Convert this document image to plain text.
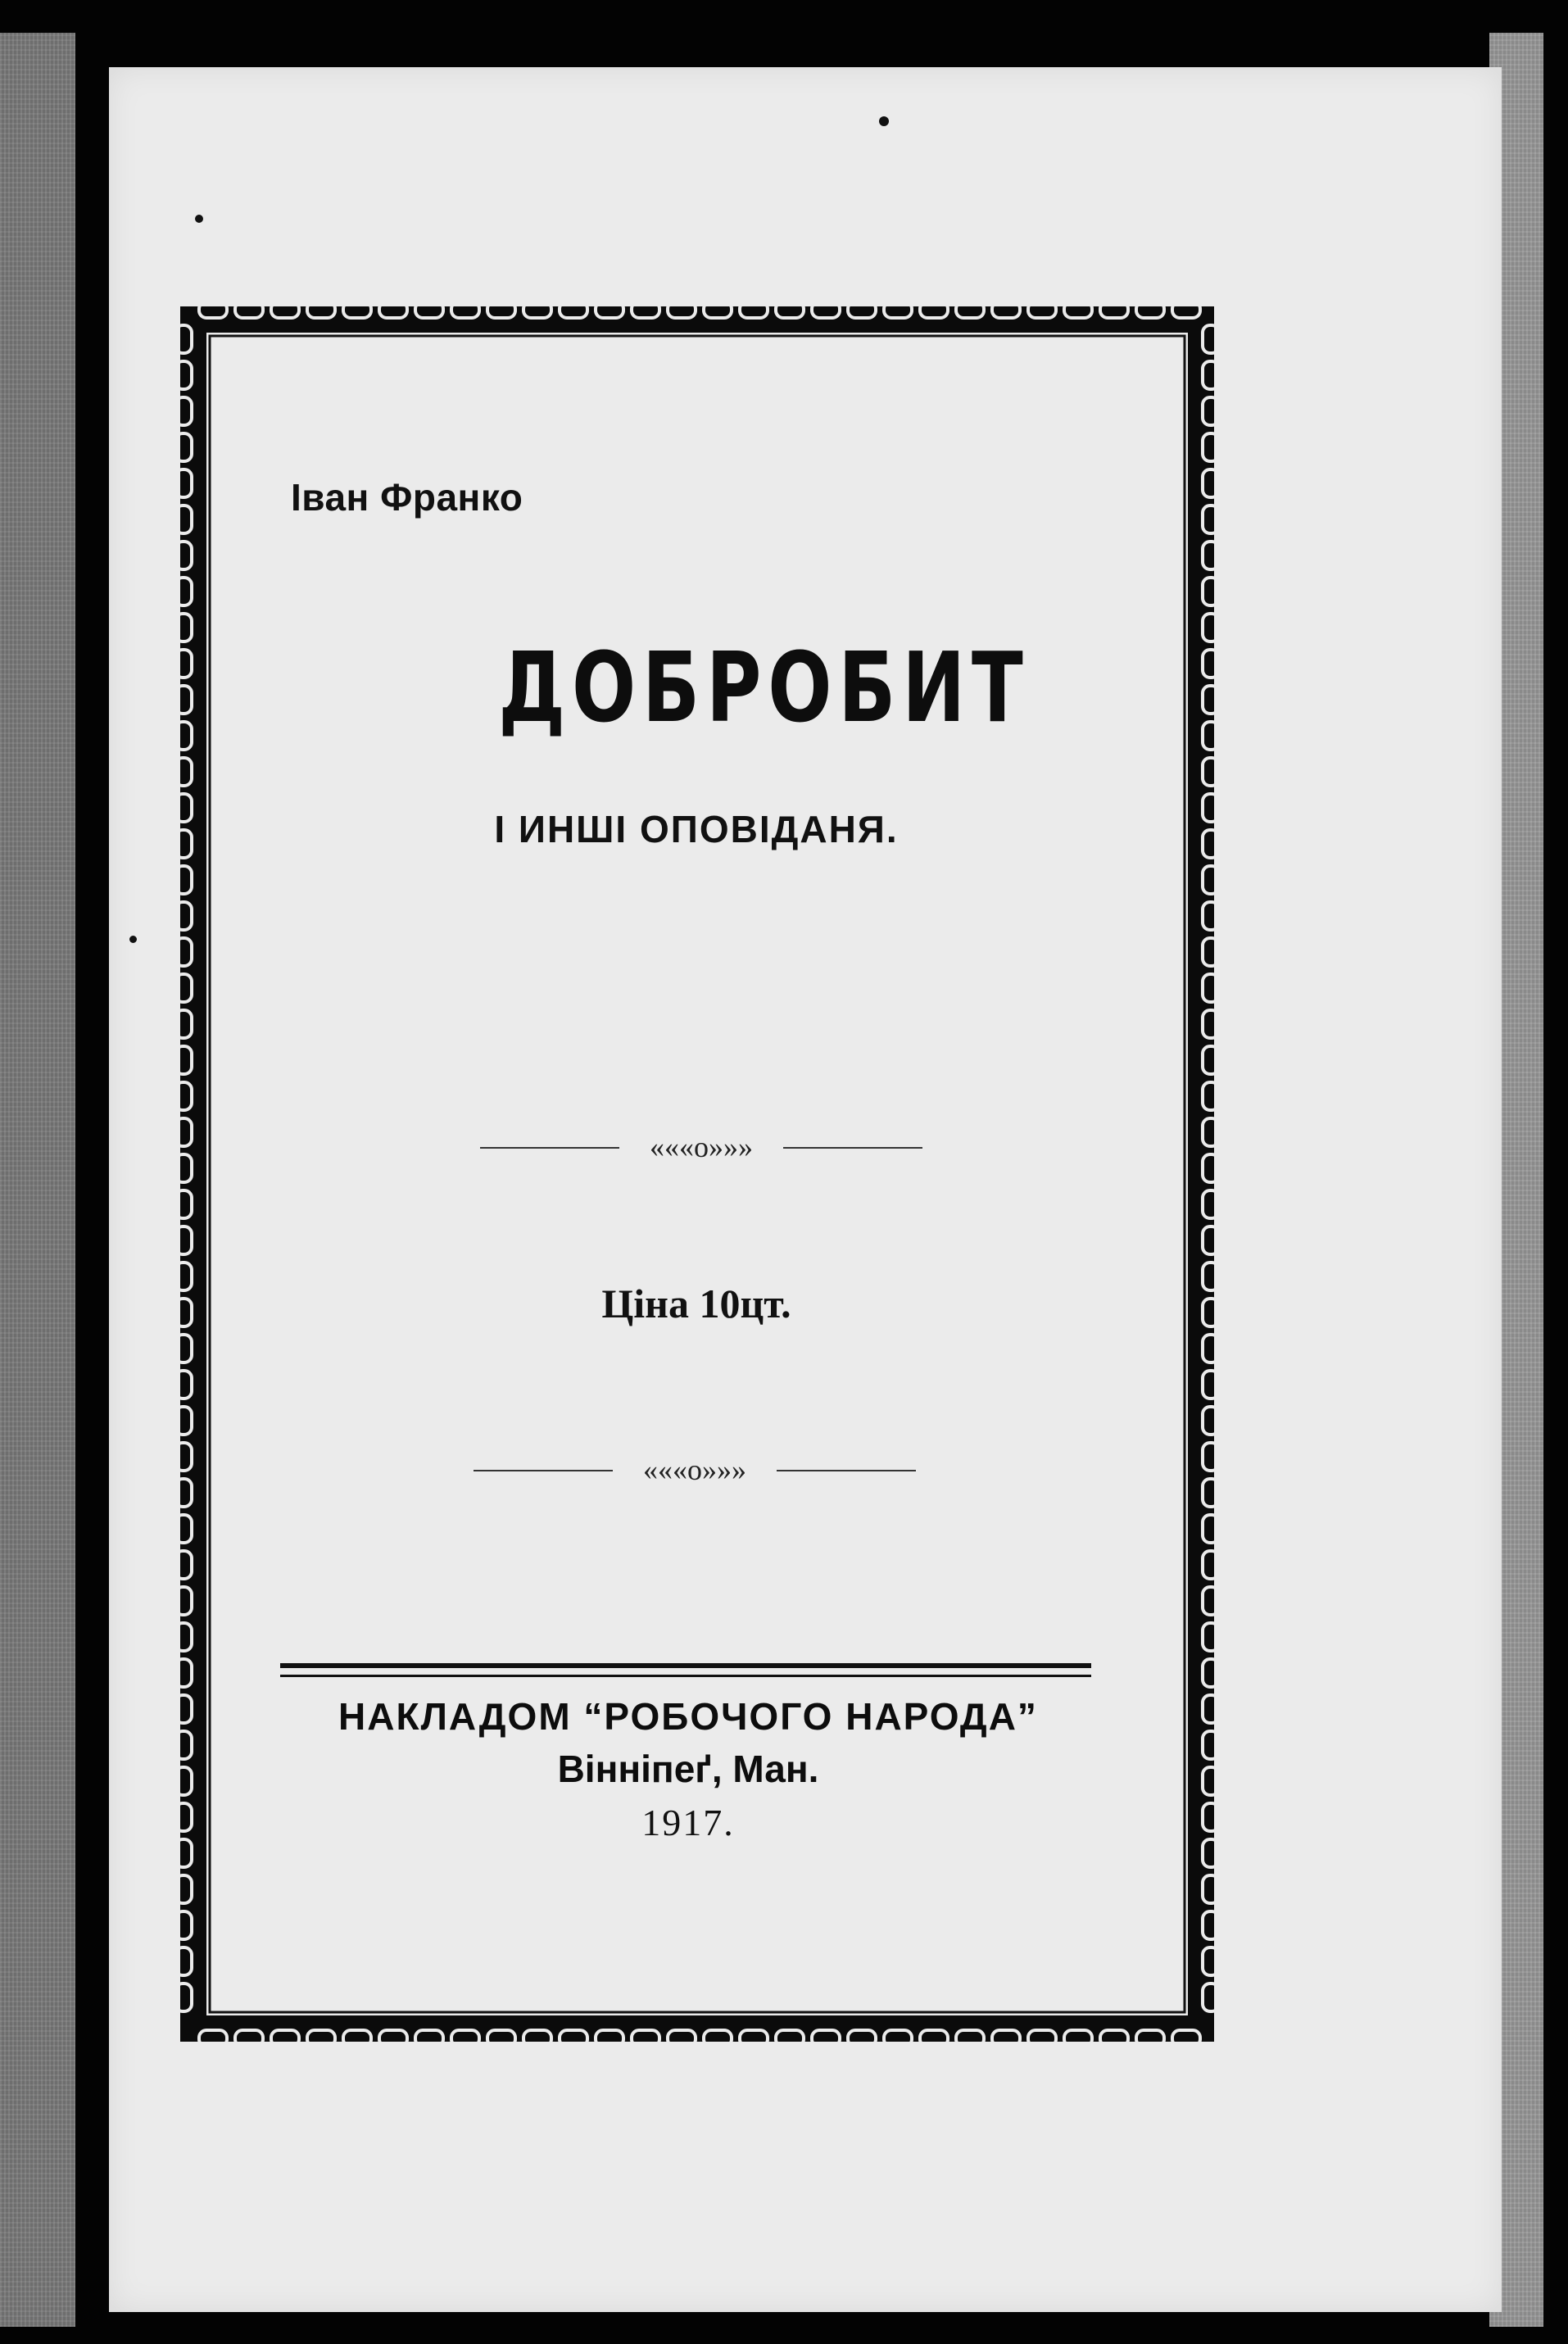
Іван Франко
ДОБРОБИТ
І ИНШІ ОПОВІДАНЯ.
«««о»»»
Ціна 10цт.
«««о»»»
НАКЛАДОМ “РОБОЧОГО НАРОДА”
Вінніпеґ, Ман.
1917.
